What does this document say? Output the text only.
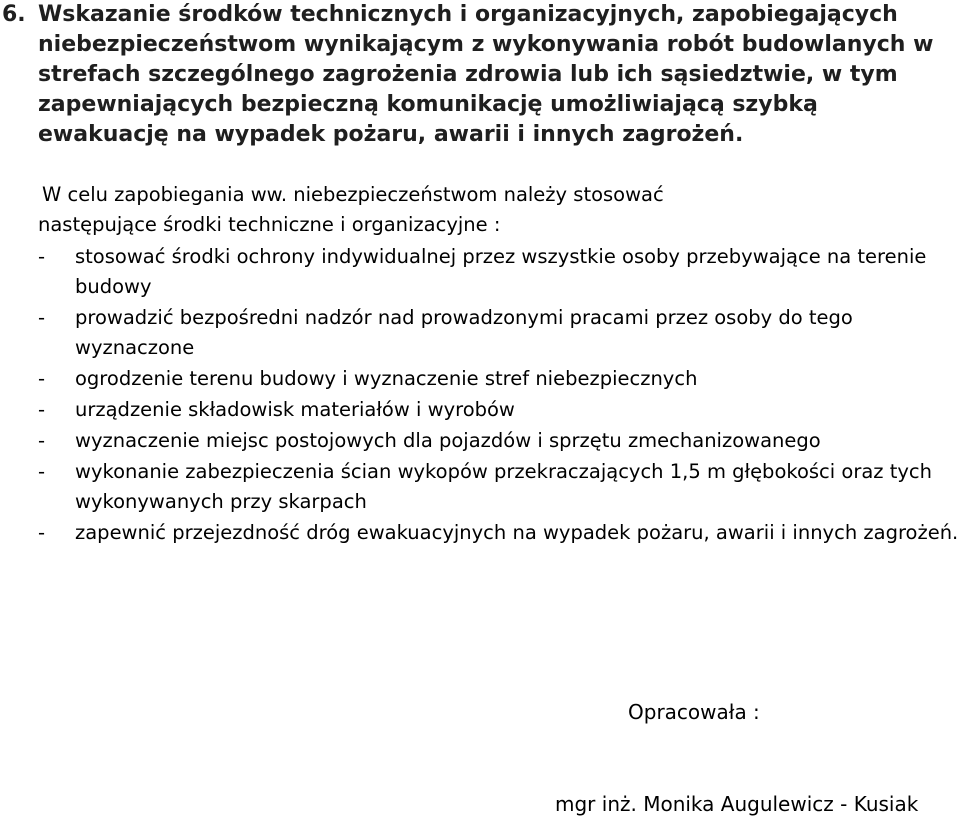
6. Wskazanie środków technicznych i organizacyjnych, zapobiegających niebezpieczeństwom wynikającym z wykonywania robót budowlanych w strefach szczególnego zagrożenia zdrowia lub ich sąsiedztwie, w tym zapewniających bezpieczną komunikację umożliwiającą szybką ewakuację na wypadek pożaru, awarii i innych zagrożeń.

W celu zapobiegania ww. niebezpieczeństwom należy stosować
następujące środki techniczne i organizacyjne :

- stosować środki ochrony indywidualnej przez wszystkie osoby przebywające na terenie budowy
- prowadzić bezpośredni nadzór nad prowadzonymi pracami przez osoby do tego wyznaczone
- ogrodzenie terenu budowy i wyznaczenie stref niebezpiecznych
- urządzenie składowisk materiałów i wyrobów
- wyznaczenie miejsc postojowych dla pojazdów i sprzętu zmechanizowanego
- wykonanie zabezpieczenia ścian wykopów przekraczających 1,5 m głębokości oraz tych wykonywanych przy skarpach
- zapewnić przejezdność dróg ewakuacyjnych na wypadek pożaru, awarii i innych zagrożeń.

Opracowała :

mgr inż. Monika Augulewicz - Kusiak
